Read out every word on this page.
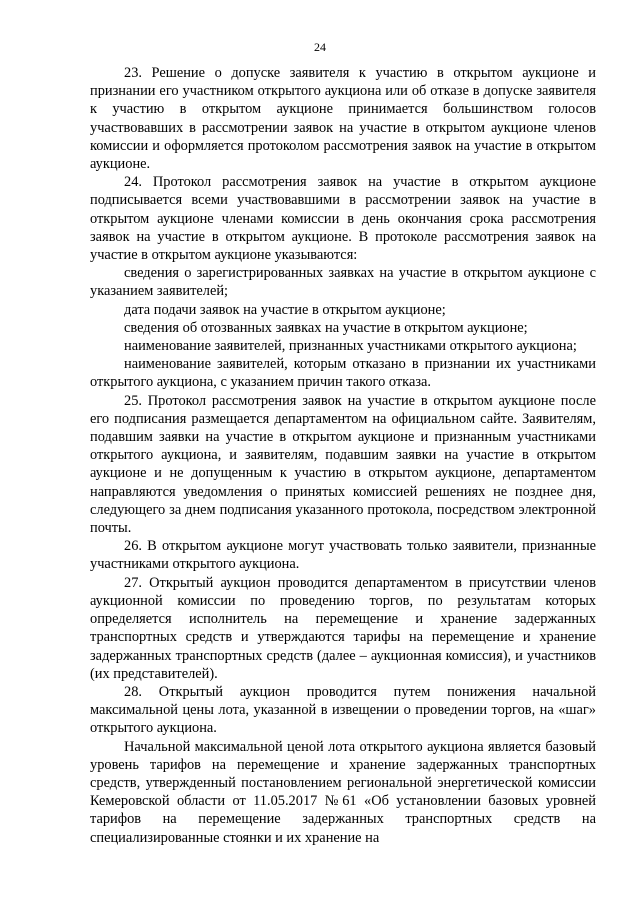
24

23. Решение о допуске заявителя к участию в открытом аукционе и признании его участником открытого аукциона или об отказе в допуске заявителя к участию в открытом аукционе принимается большинством голосов участвовавших в рассмотрении заявок на участие в открытом аукционе членов комиссии и оформляется протоколом рассмотрения заявок на участие в открытом аукционе.

24. Протокол рассмотрения заявок на участие в открытом аукционе подписывается всеми участвовавшими в рассмотрении заявок на участие в открытом аукционе членами комиссии в день окончания срока рассмотрения заявок на участие в открытом аукционе. В протоколе рассмотрения заявок на участие в открытом аукционе указываются:

сведения о зарегистрированных заявках на участие в открытом аукционе с указанием заявителей;

дата подачи заявок на участие в открытом аукционе;

сведения об отозванных заявках на участие в открытом аукционе;

наименование заявителей, признанных участниками открытого аукциона;

наименование заявителей, которым отказано в признании их участниками открытого аукциона, с указанием причин такого отказа.

25. Протокол рассмотрения заявок на участие в открытом аукционе после его подписания размещается департаментом на официальном сайте. Заявителям, подавшим заявки на участие в открытом аукционе и признанным участниками открытого аукциона, и заявителям, подавшим заявки на участие в открытом аукционе и не допущенным к участию в открытом аукционе, департаментом направляются уведомления о принятых комиссией решениях не позднее дня, следующего за днем подписания указанного протокола, посредством электронной почты.

26. В открытом аукционе могут участвовать только заявители, признанные участниками открытого аукциона.

27. Открытый аукцион проводится департаментом в присутствии членов аукционной комиссии по проведению торгов, по результатам которых определяется исполнитель на перемещение и хранение задержанных транспортных средств и утверждаются тарифы на перемещение и хранение задержанных транспортных средств (далее – аукционная комиссия), и участников (их представителей).

28. Открытый аукцион проводится путем понижения начальной максимальной цены лота, указанной в извещении о проведении торгов, на «шаг» открытого аукциона.

Начальной максимальной ценой лота открытого аукциона является базовый уровень тарифов на перемещение и хранение задержанных транспортных средств, утвержденный постановлением региональной энергетической комиссии Кемеровской области от 11.05.2017 №61 «Об установлении базовых уровней тарифов на перемещение задержанных транспортных средств на специализированные стоянки и их хранение на
